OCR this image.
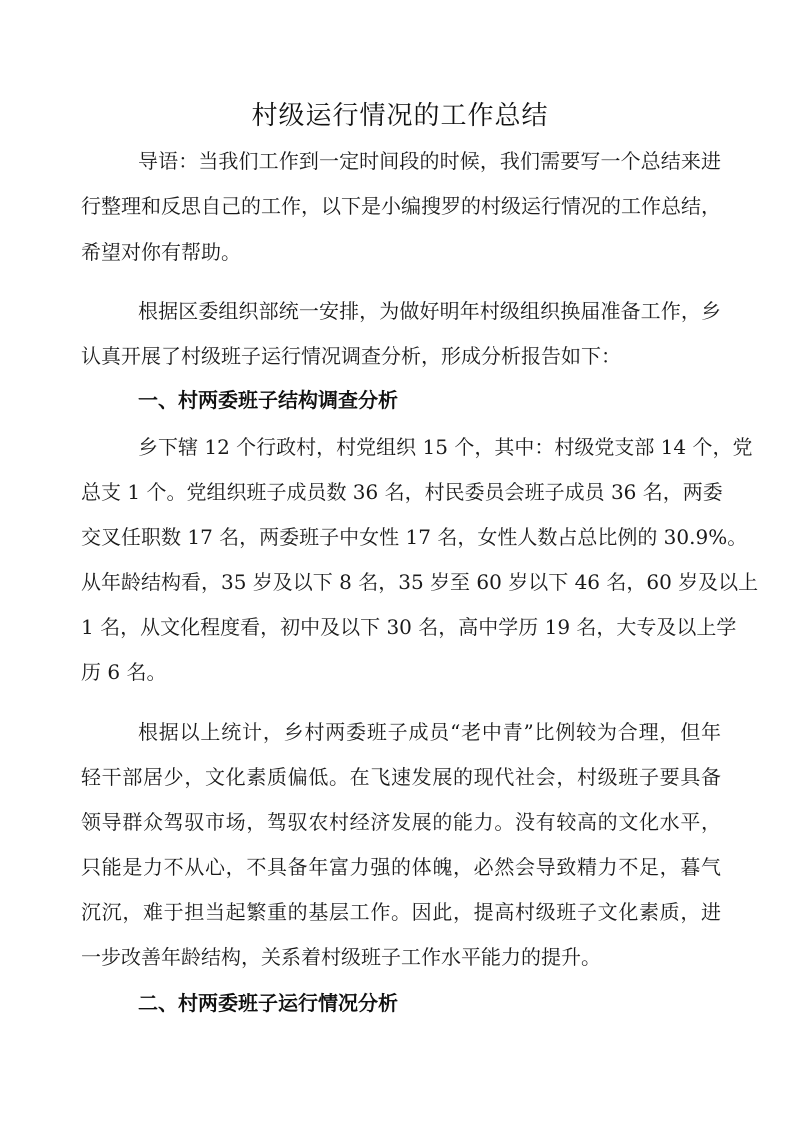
村级运行情况的工作总结
导语：当我们工作到一定时间段的时候，我们需要写一个总结来进
行整理和反思自己的工作，以下是小编搜罗的村级运行情况的工作总结，
希望对你有帮助。
根据区委组织部统一安排，为做好明年村级组织换届准备工作，乡
认真开展了村级班子运行情况调查分析，形成分析报告如下：
一、村两委班子结构调查分析
乡下辖 12 个行政村，村党组织 15 个，其中：村级党支部 14 个，党
总支 1 个。党组织班子成员数 36 名，村民委员会班子成员 36 名，两委
交叉任职数 17 名，两委班子中女性 17 名，女性人数占总比例的 30.9%。
从年龄结构看，35 岁及以下 8 名，35 岁至 60 岁以下 46 名，60 岁及以上
1 名，从文化程度看，初中及以下 30 名，高中学历 19 名，大专及以上学
历 6 名。
根据以上统计，乡村两委班子成员“老中青”比例较为合理，但年
轻干部居少，文化素质偏低。在飞速发展的现代社会，村级班子要具备
领导群众驾驭市场，驾驭农村经济发展的能力。没有较高的文化水平，
只能是力不从心，不具备年富力强的体魄，必然会导致精力不足，暮气
沉沉，难于担当起繁重的基层工作。因此，提高村级班子文化素质，进
一步改善年龄结构，关系着村级班子工作水平能力的提升。
二、村两委班子运行情况分析
